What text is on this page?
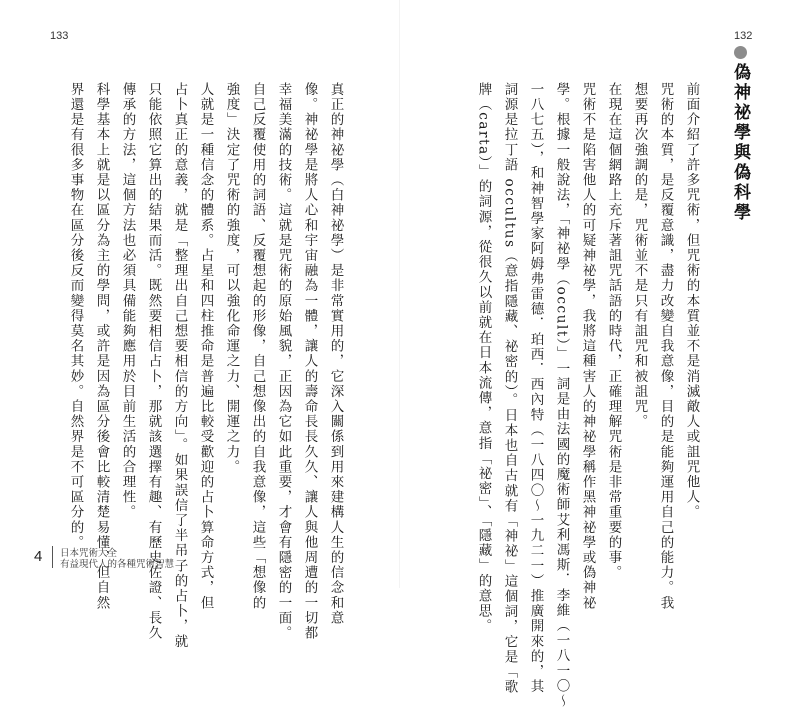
133	132
偽神祕學與偽科學
前面介紹了許多咒術，但咒術的本質並不是消滅敵人或詛咒他人。
咒術的本質，是反覆意識，盡力改變自我意像，目的是能夠運用自己的能力。我
想要再次強調的是，咒術並不是只有詛咒和被詛咒。
在現在這個網路上充斥著詛咒話語的時代，正確理解咒術是非常重要的事。
咒術不是陷害他人的可疑神祕學，我將這種害人的神祕學稱作黑神祕學或偽神祕
學。根據一般說法，「神祕學（occult）」一詞是由法國的魔術師艾利馮斯．李維（一八一〇～
一八七五），和神智學家阿姆弗雷德．珀西．西內特（一八四〇～一九二一）推廣開來的，其
詞源是拉丁語 occultus（意指隱藏、祕密的）。日本也自古就有「神祕」這個詞，它是「歌
牌（carta）」的詞源，從很久以前就在日本流傳，意指「祕密」、「隱藏」的意思。
真正的神祕學（白神祕學）是非常實用的，它深入關係到用來建構人生的信念和意
像。神祕學是將人心和宇宙融為一體，讓人的壽命長長久久、讓人與他周遭的一切都
幸福美滿的技術。這就是咒術的原始風貌，正因為它如此重要，才會有隱密的一面。
自己反覆使用的詞語、反覆想起的形像，自己想像出的自我意像，這些「想像的
強度」決定了咒術的強度，可以強化命運之力、開運之力。
人就是一種信念的體系。占星和四柱推命是普遍比較受歡迎的占卜算命方式，但
占卜真正的意義，就是「整理出自己想要相信的方向」。如果誤信了半吊子的占卜，就
只能依照它算出的結果而活。既然要相信占卜，那就該選擇有趣、有歷史佐證、長久
傳承的方法，這個方法也必須具備能夠應用於目前生活的合理性。
科學基本上就是以區分為主的學問，或許是因為區分後會比較清楚易懂，但自然
界還是有很多事物在區分後反而變得莫名其妙。自然界是不可區分的。
4 日本咒術大全
有益現代人的各種咒術智慧
